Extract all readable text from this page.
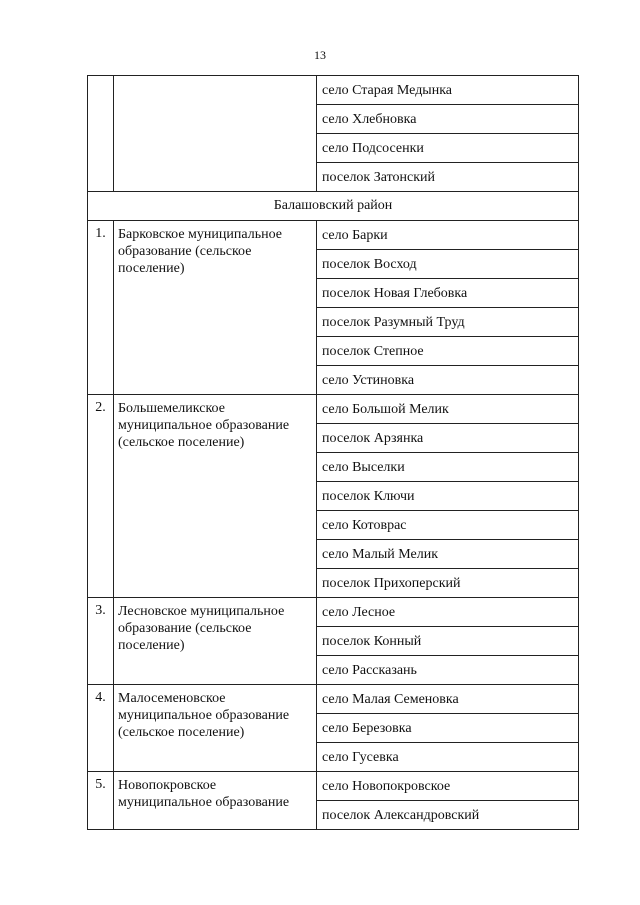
13
		село Старая Медынка
		село Хлебновка
		село Подсосенки
		поселок Затонский
Балашовский район		
1.	Барковское муниципальное образование (сельское поселение)	село Барки
		поселок Восход
		поселок Новая Глебовка
		поселок Разумный Труд
		поселок Степное
		село Устиновка
2.	Большемеликское муниципальное образование (сельское поселение)	село Большой Мелик
		поселок Арзянка
		село Выселки
		поселок Ключи
		село Котоврас
		село Малый Мелик
		поселок Прихоперский
3.	Лесновское муниципальное образование (сельское поселение)	село Лесное
		поселок Конный
		село Рассказань
4.	Малосеменовское муниципальное образование (сельское поселение)	село Малая Семеновка
		село Березовка
		село Гусевка
5.	Новопокровское муниципальное образование	село Новопокровское
		поселок Александровский
